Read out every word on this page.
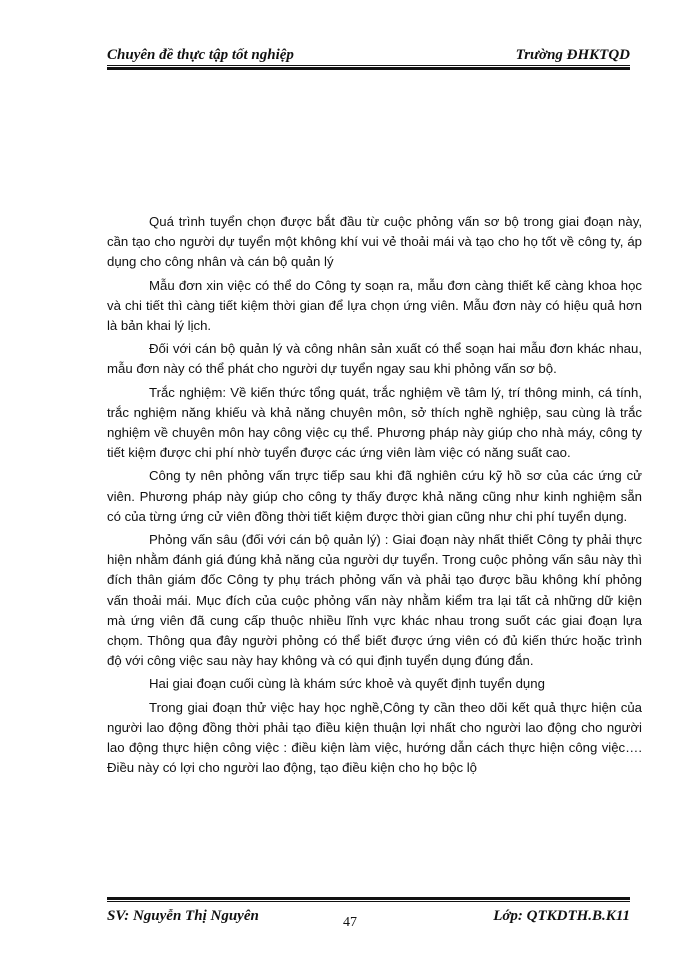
Chuyên đề thực tập tốt nghiệp	Trường ĐHKTQD

Quá trình tuyển chọn được bắt đầu từ cuộc phỏng vấn sơ bộ trong giai đoạn này, cần tạo cho người dự tuyển một không khí vui vẻ thoải mái và tạo cho họ tốt về công ty, áp dụng cho công nhân và cán bộ quản lý

Mẫu đơn xin việc có thể do Công ty soạn ra, mẫu đơn càng thiết kế càng khoa học và chi tiết thì càng tiết kiệm thời gian để lựa chọn ứng viên. Mẫu đơn này có hiệu quả hơn là bản khai lý lịch.

Đối với cán bộ quản lý và công nhân sản xuất có thể soạn hai mẫu đơn khác nhau, mẫu đơn này có thể phát cho người dự tuyển ngay sau khi phỏng vấn sơ bộ.

Trắc nghiệm: Về kiến thức tổng quát, trắc nghiệm về tâm lý, trí thông minh, cá tính, trắc nghiệm năng khiếu và khả năng chuyên môn, sở thích nghề nghiệp, sau cùng là trắc nghiệm về chuyên môn hay công việc cụ thể. Phương pháp này giúp cho nhà máy, công ty tiết kiệm được chi phí nhờ tuyển được các ứng viên làm việc có năng suất cao.

Công ty nên phỏng vấn trực tiếp sau khi đã nghiên cứu kỹ hồ sơ của các ứng cử viên. Phương pháp này giúp cho công ty thấy được khả năng cũng như kinh nghiệm sẵn có của từng ứng cử viên đồng thời tiết kiệm được thời gian cũng như chi phí tuyển dụng.

Phỏng vấn sâu (đối với cán bộ quản lý) : Giai đoạn này nhất thiết Công ty phải thực hiện nhằm đánh giá đúng khả năng của người dự tuyển. Trong cuộc phỏng vấn sâu này thì đích thân giám đốc Công ty phụ trách phỏng vấn và phải tạo được bầu không khí phỏng vấn thoải mái. Mục đích của cuộc phỏng vấn này nhằm kiểm tra lại tất cả những dữ kiện mà ứng viên đã cung cấp thuộc nhiều lĩnh vực khác nhau trong suốt các giai đoạn lựa chọm. Thông qua đây người phỏng có thể biết được ứng viên có đủ kiến thức hoặc trình độ với công việc sau này hay không và có qui định tuyển dụng đúng đắn.

Hai giai đoạn cuối cùng là khám sức khoẻ và quyết định tuyển dụng

Trong giai đoạn thử việc hay học nghề,Công ty cần theo dõi kết quả thực hiện của người lao động đồng thời phải tạo điều kiện thuận lợi nhất cho người lao động cho người lao động thực hiện công việc : điều kiện làm việc, hướng dẫn cách thực hiện công việc…. Điều này có lợi cho người lao động, tạo điều kiện cho họ bộc lộ

SV: Nguyễn Thị Nguyên	Lớp: QTKDTH.B.K11
47
